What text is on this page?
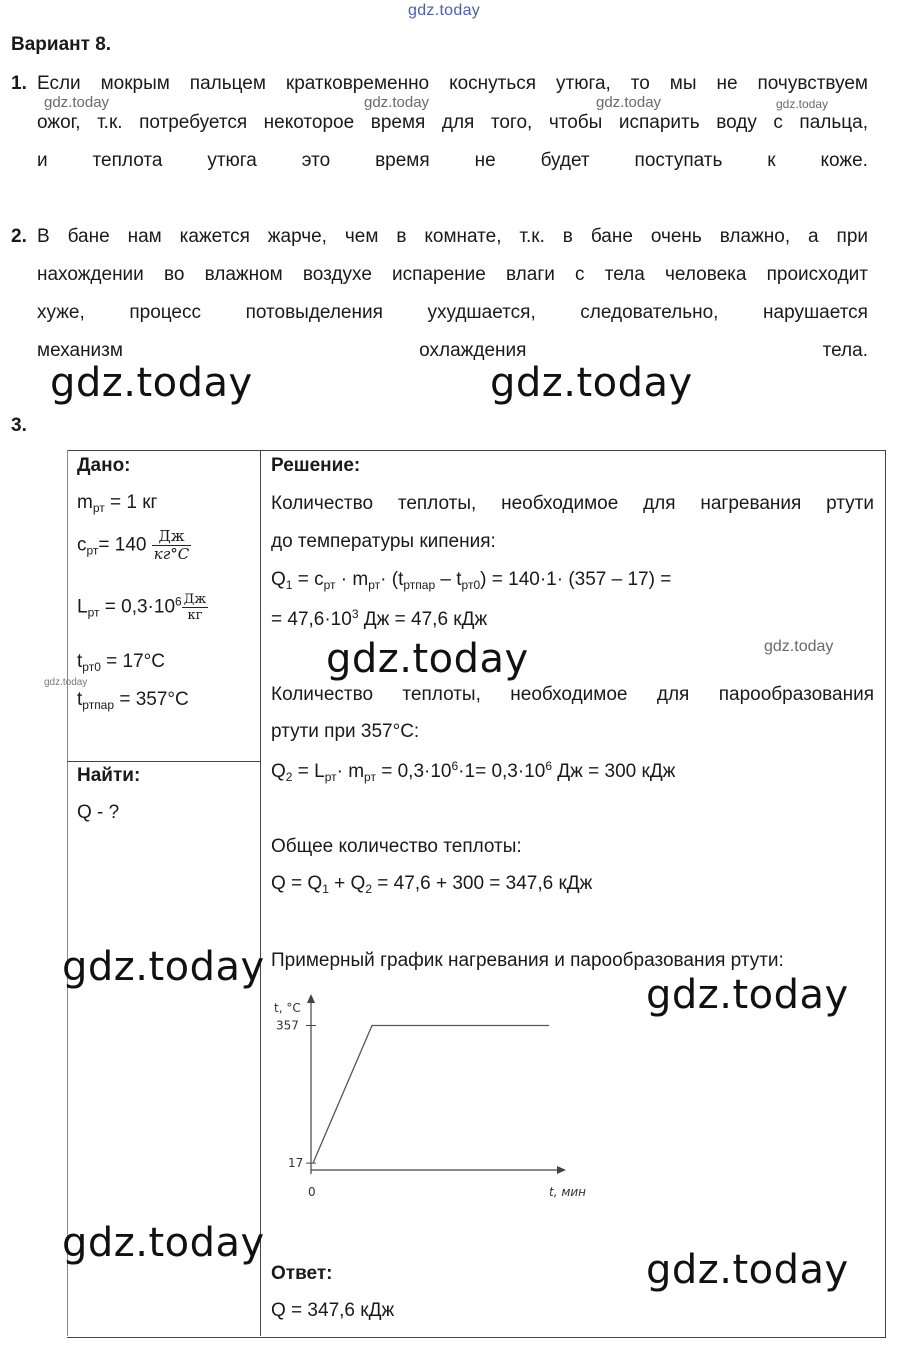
gdz.today
Вариант 8.
1. Если мокрым пальцем кратковременно коснуться утюга, то мы не почувствуем
gdz.today	gdz.today	gdz.today	gdz.today
ожог, т.к. потребуется некоторое время для того, чтобы испарить воду с пальца,
и теплота утюга это время не будет поступать к коже.
2. В бане нам кажется жарче, чем в комнате, т.к. в бане очень влажно, а при
нахождении во влажном воздухе испарение влаги с тела человека происходит
хуже, процесс потовыделения ухудшается, следовательно, нарушается
механизм	охлаждения	тела.
gdz.today	gdz.today
3.
Дано:
$m_{рт} = 1$ кг
$c_{рт}= 140 \frac{Дж}{кг^\circ С}$
$L_{рт} = 0,3\cdot 10^6 \frac{Дж}{кг}$
$t_{рт0} = 17^\circ С$
gdz.today
$t_{ртпар} = 357^\circ С$
Найти:
Q - ?
Решение:
Количество теплоты, необходимое для нагревания ртути
до температуры кипения:
$Q_1 = c_{рт} \cdot m_{рт}\cdot (t_{ртпар} - t_{рт0}) = 140\cdot 1\cdot (357 - 17)$ =
= $47,6\cdot 10^3$ Дж = 47,6 кДж
gdz.today
gdz.today
Количество теплоты, необходимое для парообразования
ртути при 357°С:
$Q_2 = L_{рт}\cdot m_{рт} = 0,3\cdot 10^6\cdot 1= 0,3\cdot 10^6$ Дж = 300 кДж
Общее количество теплоты:
$Q = Q_1 + Q_2 = 47,6 + 300 = 347,6$ кДж
gdz.today Примерный график нагревания и парообразования ртути:
gdz.today
t, °C
357
17
0	t, мин
gdz.today
gdz.today
Ответ:
Q = 347,6 кДж
